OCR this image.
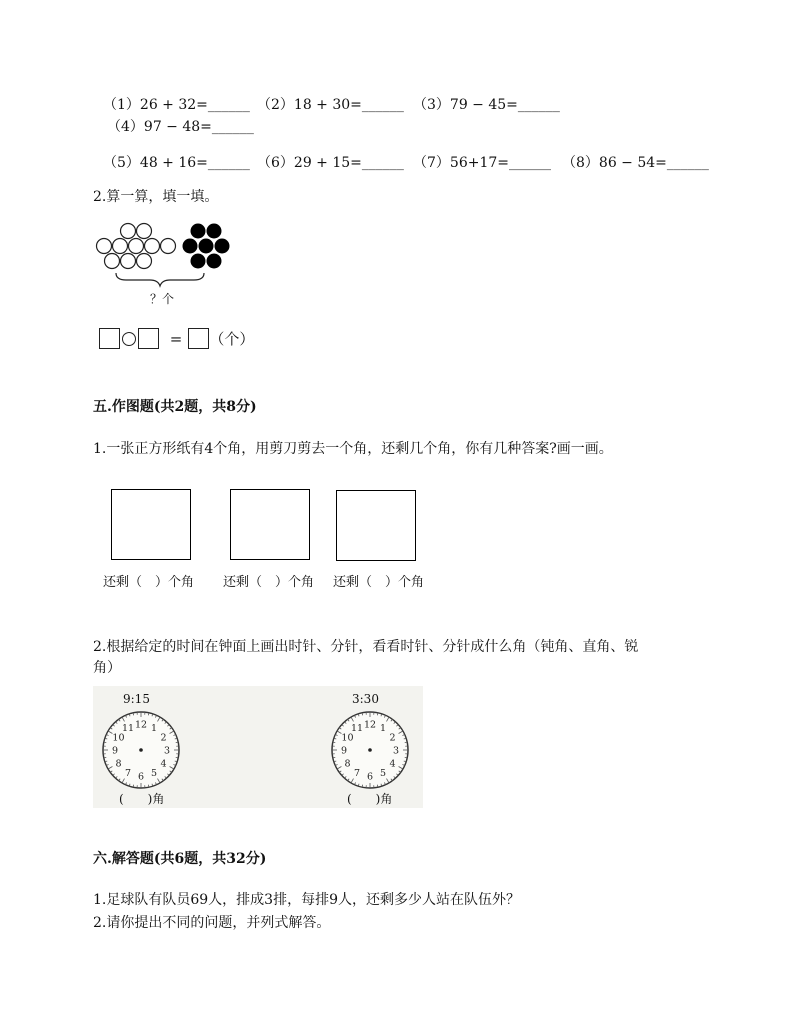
（1）26 + 32=______ （2）18 + 30=______ （3）79 − 45=______
（4）97 − 48=______
（5）48 + 16=______ （6）29 + 15=______ （7）56+17=______ （8）86 − 54=______
2.算一算，填一填。
？个
= （个）
五.作图题(共2题，共8分)
1.一张正方形纸有4个角，用剪刀剪去一个角，还剩几个角，你有几种答案?画一画。
还剩（　）个角 还剩（　）个角 还剩（　）个角
2.根据给定的时间在钟面上画出时针、分针，看看时针、分针成什么角（钝角、直角、锐
角）
9:15	3:30
12 1
2
3
4
5
6
7
8
9
10
11	12 1
2
3
4
5
6
7
8
9
10
11
(　　)角	(　　)角
六.解答题(共6题，共32分)
1.足球队有队员69人，排成3排，每排9人，还剩多少人站在队伍外？
2.请你提出不同的问题，并列式解答。
